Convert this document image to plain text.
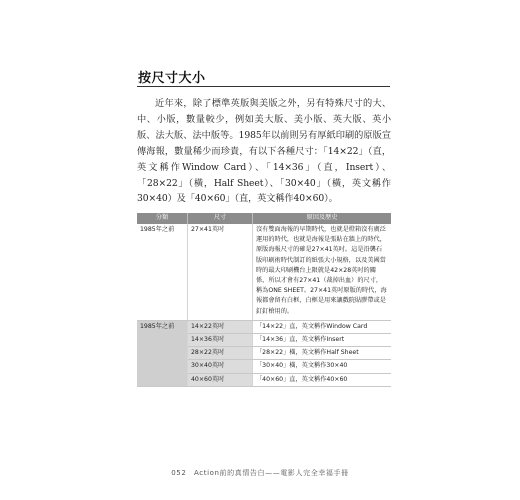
按尺寸大小

近年來，除了標準英版與美版之外，另有特殊尺寸的大、中、小版，數量較少，例如美大版、美小版、英大版、英小版、法大版、法中版等。1985年以前則另有厚紙印刷的原版宣傳海報，數量稀少而珍貴，有以下各種尺寸：「14×22」（直，英文稱作Window Card）、「14×36」（直，Insert）、「28×22」（橫，Half Sheet）、「30×40」（橫，英文稱作30×40）及「40×60」（直，英文稱作40×60）。

分類	尺寸	原因及歷史
1985年之前	27×41英吋	沒有雙面海報的早期時代，也就是燈箱沒有廣泛運用的時代，也就是海報是張貼在牆上的時代，原版海報尺寸的確是27×41英吋。這是沿襲石版印刷術時代制訂的紙張大小規格，以及美國當時的最大印刷機台上限就是42×28英吋的關係，所以才會有27×41（裁掉出血）的尺寸，稱為ONE SHEET。27×41英吋原版的時代，海報都會留有白框，白框是用來讓戲院貼膠帶或是釘釘槍用的。
1985年之前	14×22英吋	「14×22」直，英文稱作Window Card
	14×36英吋	「14×36」直，英文稱作Insert
	28×22英吋	「28×22」橫，英文稱作Half Sheet
	30×40英吋	「30×40」橫，英文稱作30×40
	40×60英吋	「40×60」直，英文稱作40×60
052　Action前的真情告白——電影人完全幸福手冊
